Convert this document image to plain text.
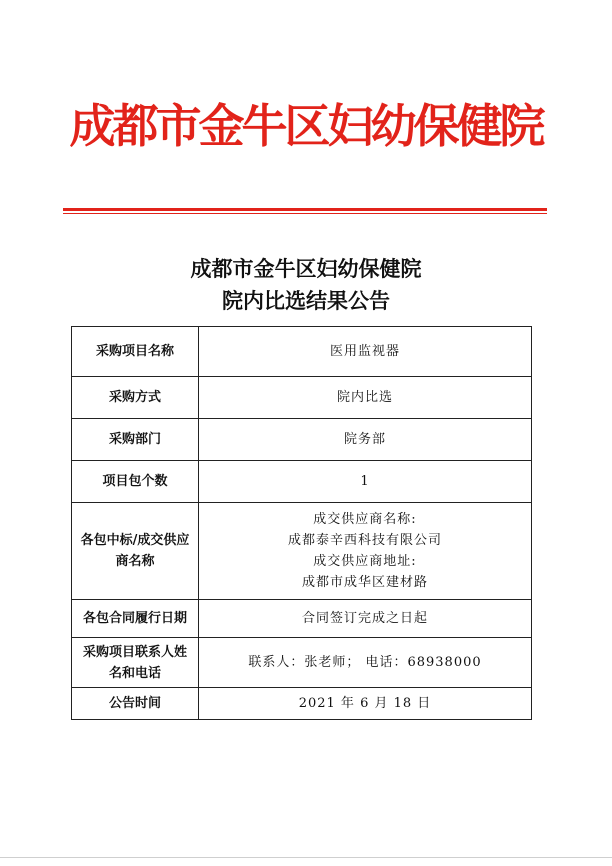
成都市金牛区妇幼保健院
成都市金牛区妇幼保健院
院内比选结果公告
采购项目名称	医用监视器
采购方式	院内比选
采购部门	院务部
项目包个数	1

各包中标/成交供应
商名称	成交供应商名称:
成都泰辛西科技有限公司
成交供应商地址:
成都市成华区建材路

各包合同履行日期	合同签订完成之日起

采购项目联系人姓
名和电话	联系人：张老师； 电话：68938000
公告时间	2021 年 6 月 18 日
